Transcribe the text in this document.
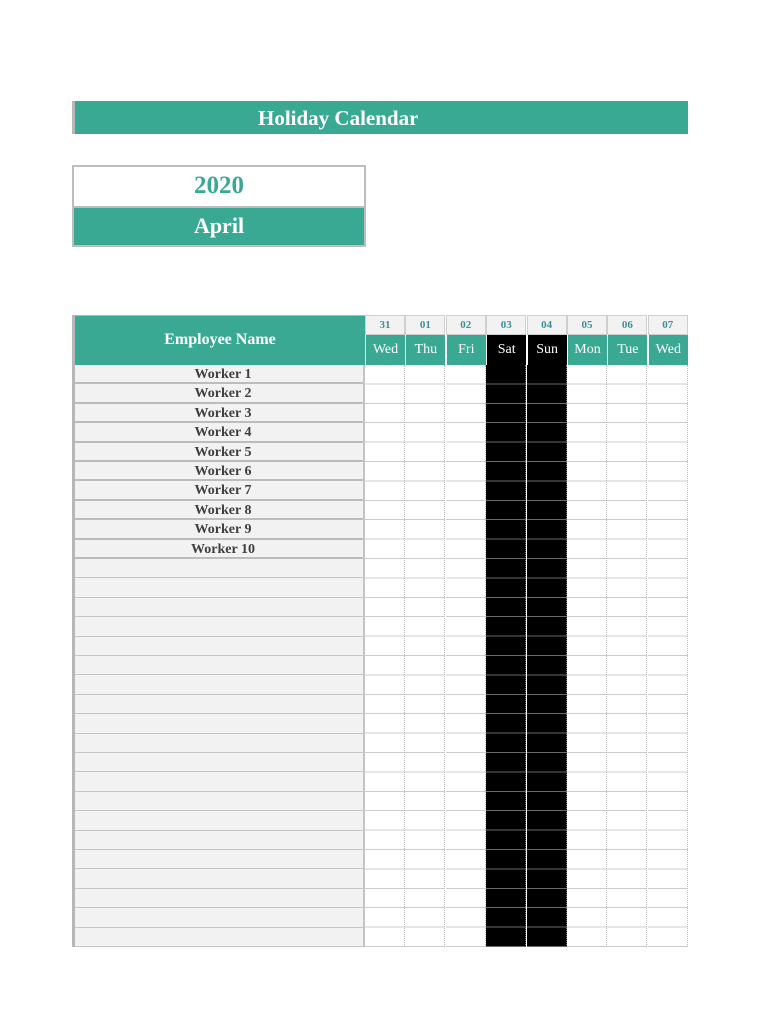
Holiday Calendar
2020
April
Employee Name
Worker 1
Worker 2
Worker 3
Worker 4
Worker 5
Worker 6
Worker 7
Worker 8
Worker 9
Worker 10
31
Wed
01
Thu
02
Fri
03
Sat
04
Sun
05
Mon
06
Tue
07
Wed
